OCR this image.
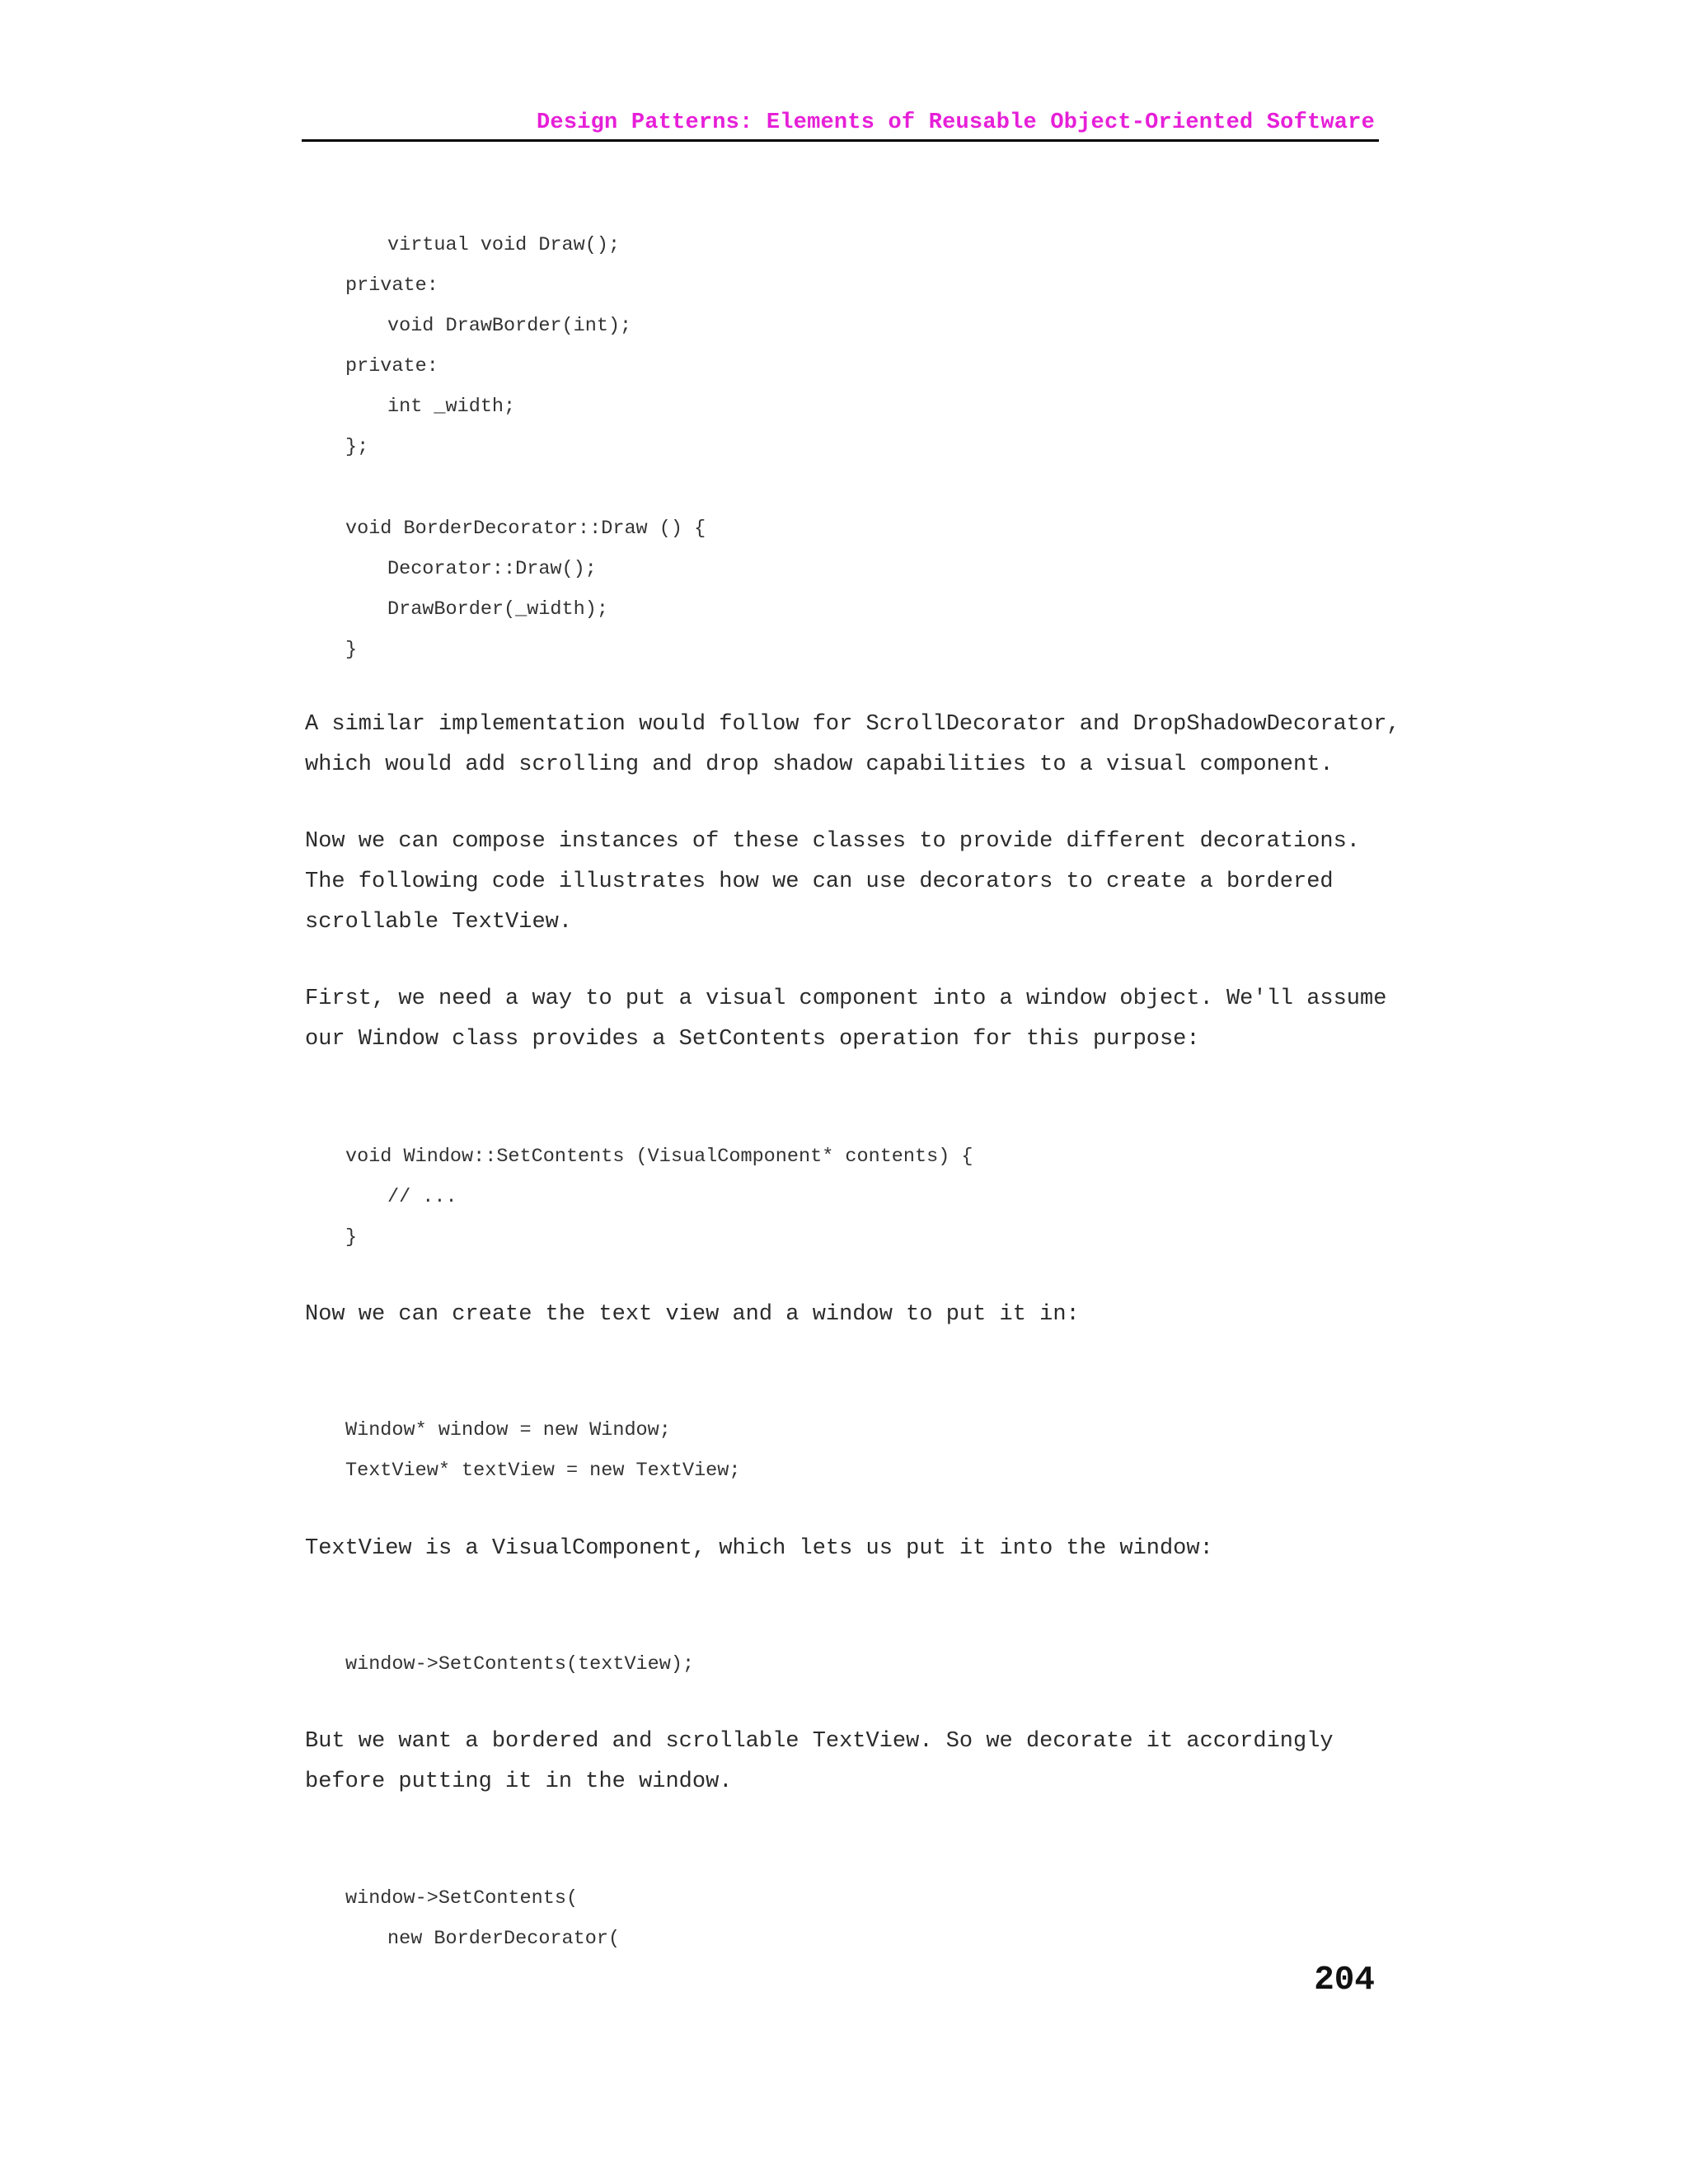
Design Patterns: Elements of Reusable Object-Oriented Software
virtual void Draw();
private:
void DrawBorder(int);
private:
int _width;
};
void BorderDecorator::Draw () {
Decorator::Draw();
DrawBorder(_width);
}
A similar implementation would follow for ScrollDecorator and DropShadowDecorator,
which would add scrolling and drop shadow capabilities to a visual component.
Now we can compose instances of these classes to provide different decorations.
The following code illustrates how we can use decorators to create a bordered
scrollable TextView.
First, we need a way to put a visual component into a window object. We'll assume
our Window class provides a SetContents operation for this purpose:
void Window::SetContents (VisualComponent* contents) {
// ...
}
Now we can create the text view and a window to put it in:
Window* window = new Window;
TextView* textView = new TextView;
TextView is a VisualComponent, which lets us put it into the window:
window->SetContents(textView);
But we want a bordered and scrollable TextView. So we decorate it accordingly
before putting it in the window.
window->SetContents(
new BorderDecorator(
204
